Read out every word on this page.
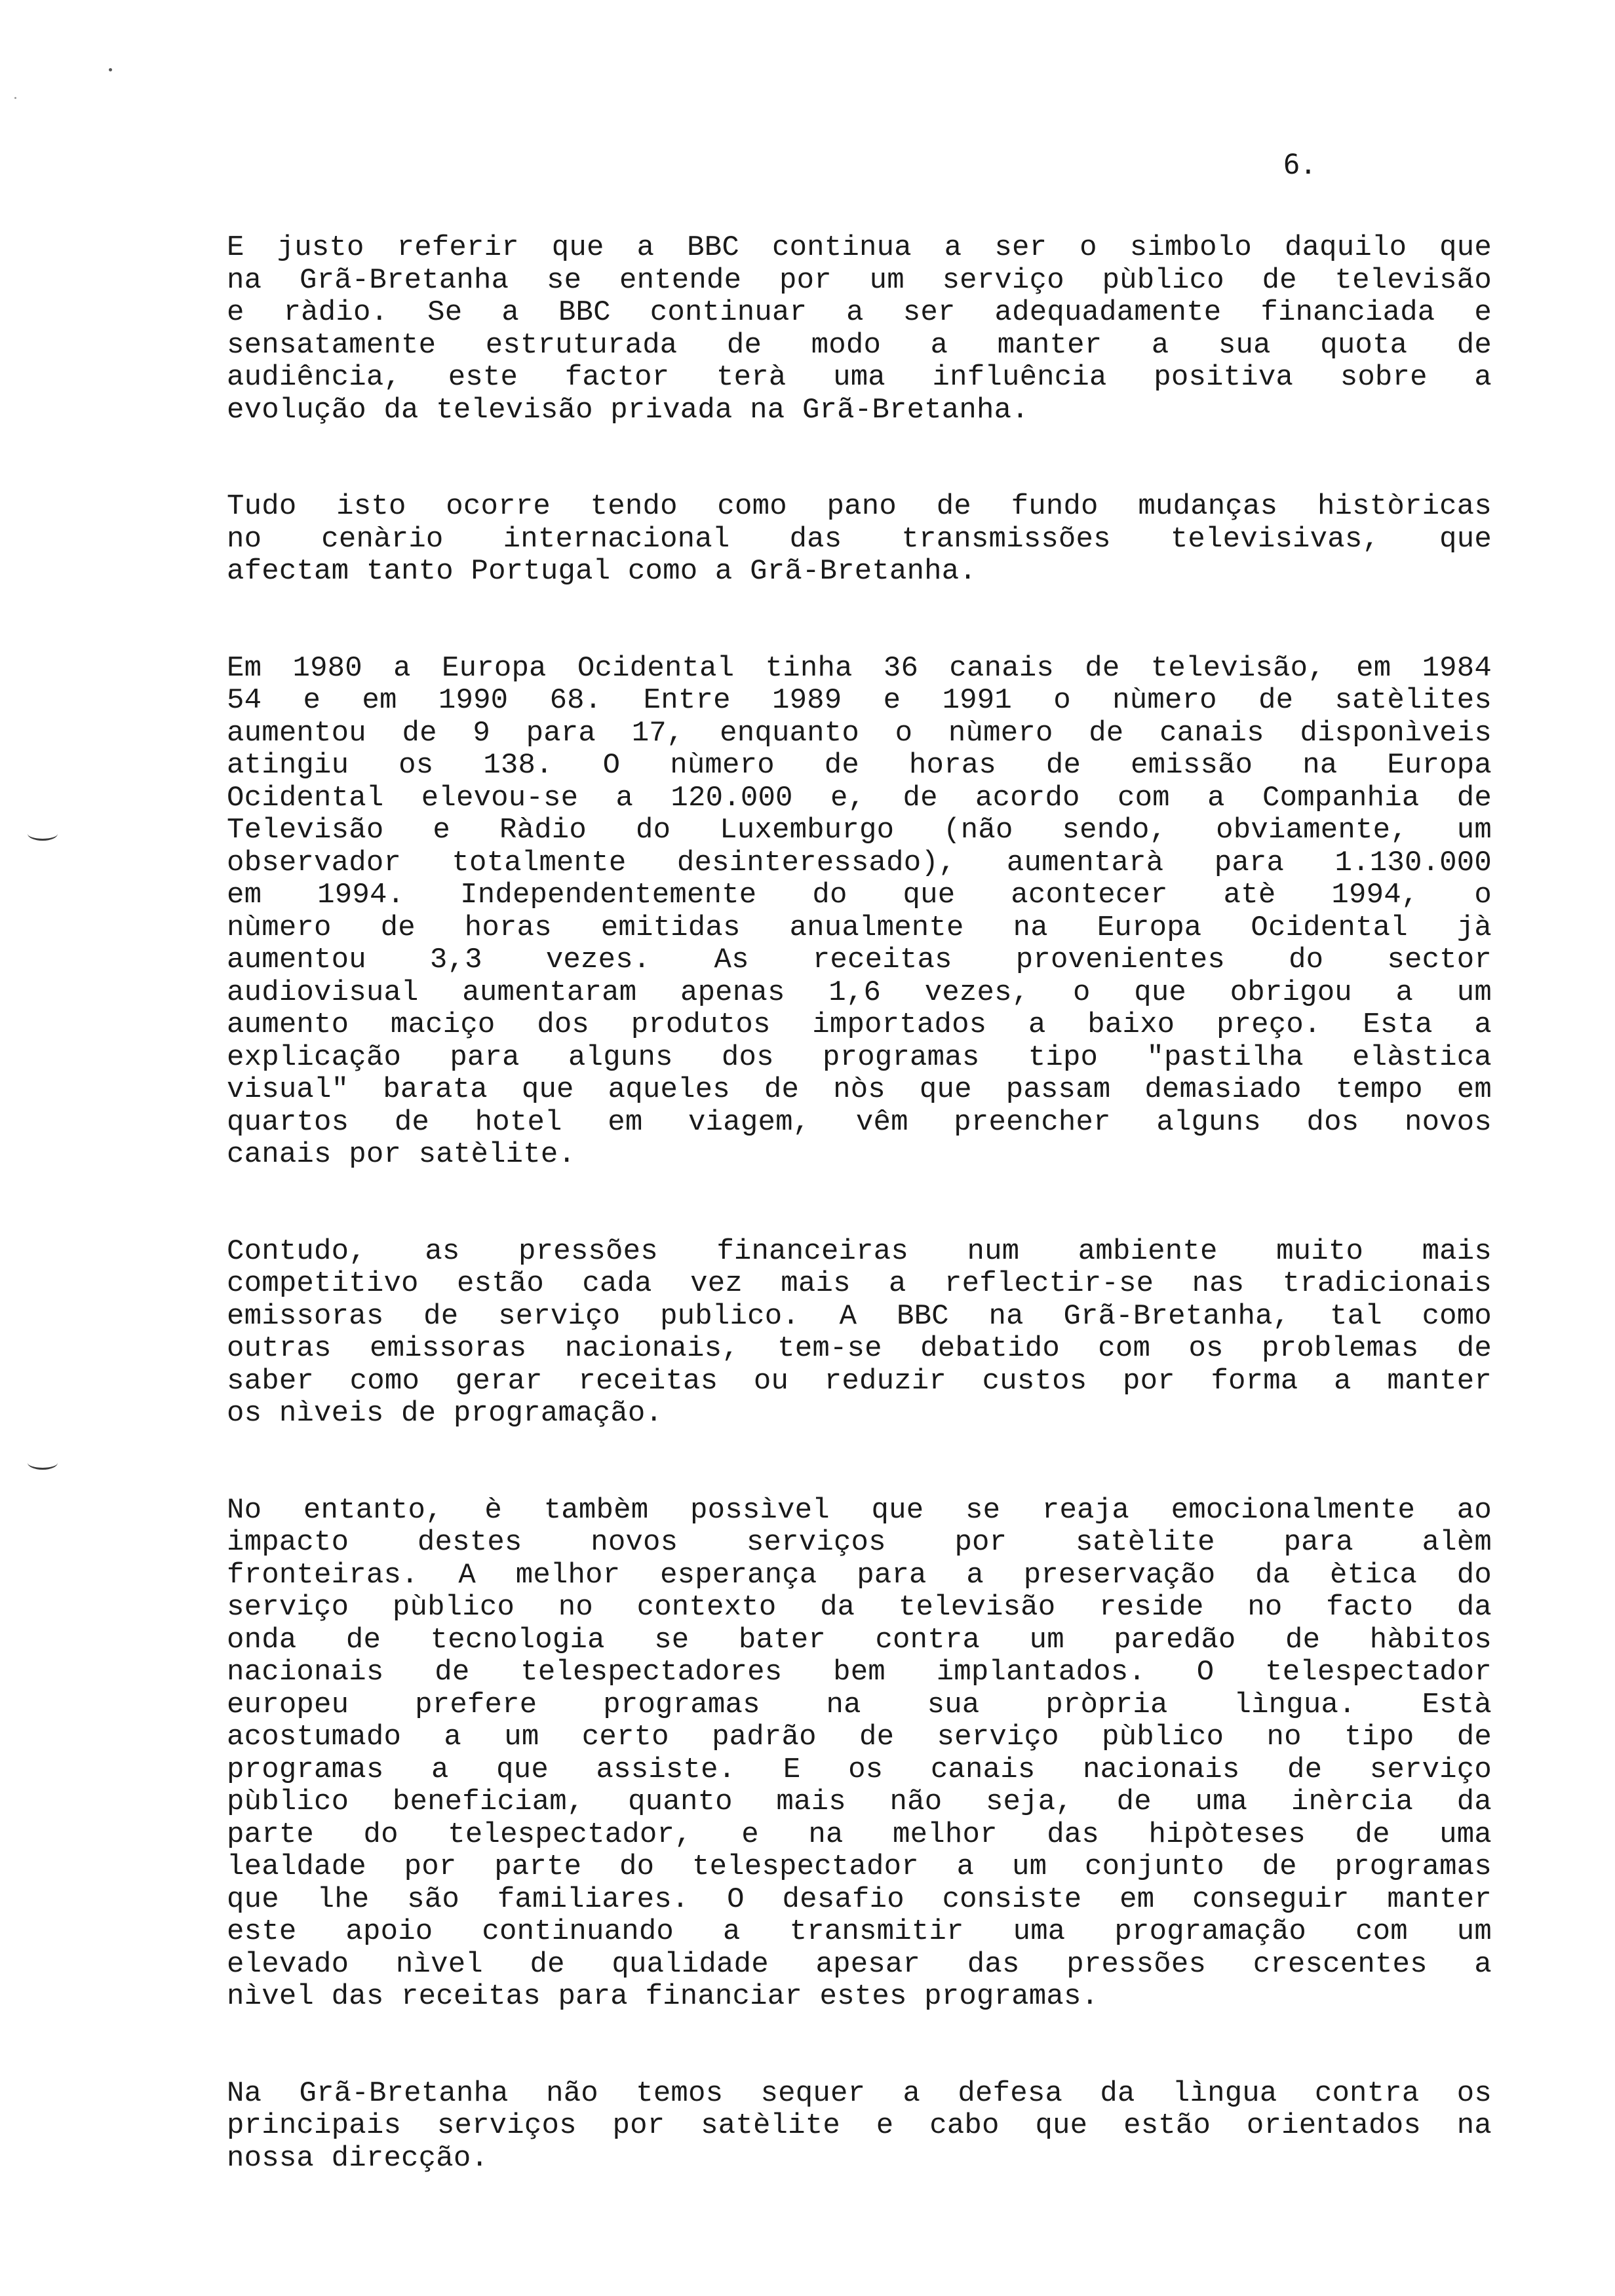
6.
E justo referir que a BBC continua a ser o simbolo daquilo que
na Grã-Bretanha se entende por um serviço pùblico de televisão
e ràdio. Se a BBC continuar a ser adequadamente financiada e
sensatamente estruturada de modo a manter a sua quota de
audiência, este factor terà uma influência positiva sobre a
evolução da televisão privada na Grã-Bretanha.
Tudo isto ocorre tendo como pano de fundo mudanças històricas
no cenàrio internacional das transmissões televisivas, que
afectam tanto Portugal como a Grã-Bretanha.
Em 1980 a Europa Ocidental tinha 36 canais de televisão, em 1984
54 e em 1990 68. Entre 1989 e 1991 o nùmero de satèlites
aumentou de 9 para 17, enquanto o nùmero de canais disponìveis
atingiu os 138. O nùmero de horas de emissão na Europa
Ocidental elevou-se a 120.000 e, de acordo com a Companhia de
Televisão e Ràdio do Luxemburgo (não sendo, obviamente, um
observador totalmente desinteressado), aumentarà para 1.130.000
em 1994. Independentemente do que acontecer atè 1994, o
nùmero de horas emitidas anualmente na Europa Ocidental jà
aumentou 3,3 vezes. As receitas provenientes do sector
audiovisual aumentaram apenas 1,6 vezes, o que obrigou a um
aumento maciço dos produtos importados a baixo preço. Esta a
explicação para alguns dos programas tipo "pastilha elàstica
visual" barata que aqueles de nòs que passam demasiado tempo em
quartos de hotel em viagem, vêm preencher alguns dos novos
canais por satèlite.
Contudo, as pressões financeiras num ambiente muito mais
competitivo estão cada vez mais a reflectir-se nas tradicionais
emissoras de serviço publico. A BBC na Grã-Bretanha, tal como
outras emissoras nacionais, tem-se debatido com os problemas de
saber como gerar receitas ou reduzir custos por forma a manter
os nìveis de programação.
No entanto, è tambèm possìvel que se reaja emocionalmente ao
impacto destes novos serviços por satèlite para alèm
fronteiras. A melhor esperança para a preservação da ètica do
serviço pùblico no contexto da televisão reside no facto da
onda de tecnologia se bater contra um paredão de hàbitos
nacionais de telespectadores bem implantados. O telespectador
europeu prefere programas na sua pròpria lìngua. Està
acostumado a um certo padrão de serviço pùblico no tipo de
programas a que assiste. E os canais nacionais de serviço
pùblico beneficiam, quanto mais não seja, de uma inèrcia da
parte do telespectador, e na melhor das hipòteses de uma
lealdade por parte do telespectador a um conjunto de programas
que lhe são familiares. O desafio consiste em conseguir manter
este apoio continuando a transmitir uma programação com um
elevado nìvel de qualidade apesar das pressões crescentes a
nìvel das receitas para financiar estes programas.
Na Grã-Bretanha não temos sequer a defesa da lìngua contra os
principais serviços por satèlite e cabo que estão orientados na
nossa direcção.
